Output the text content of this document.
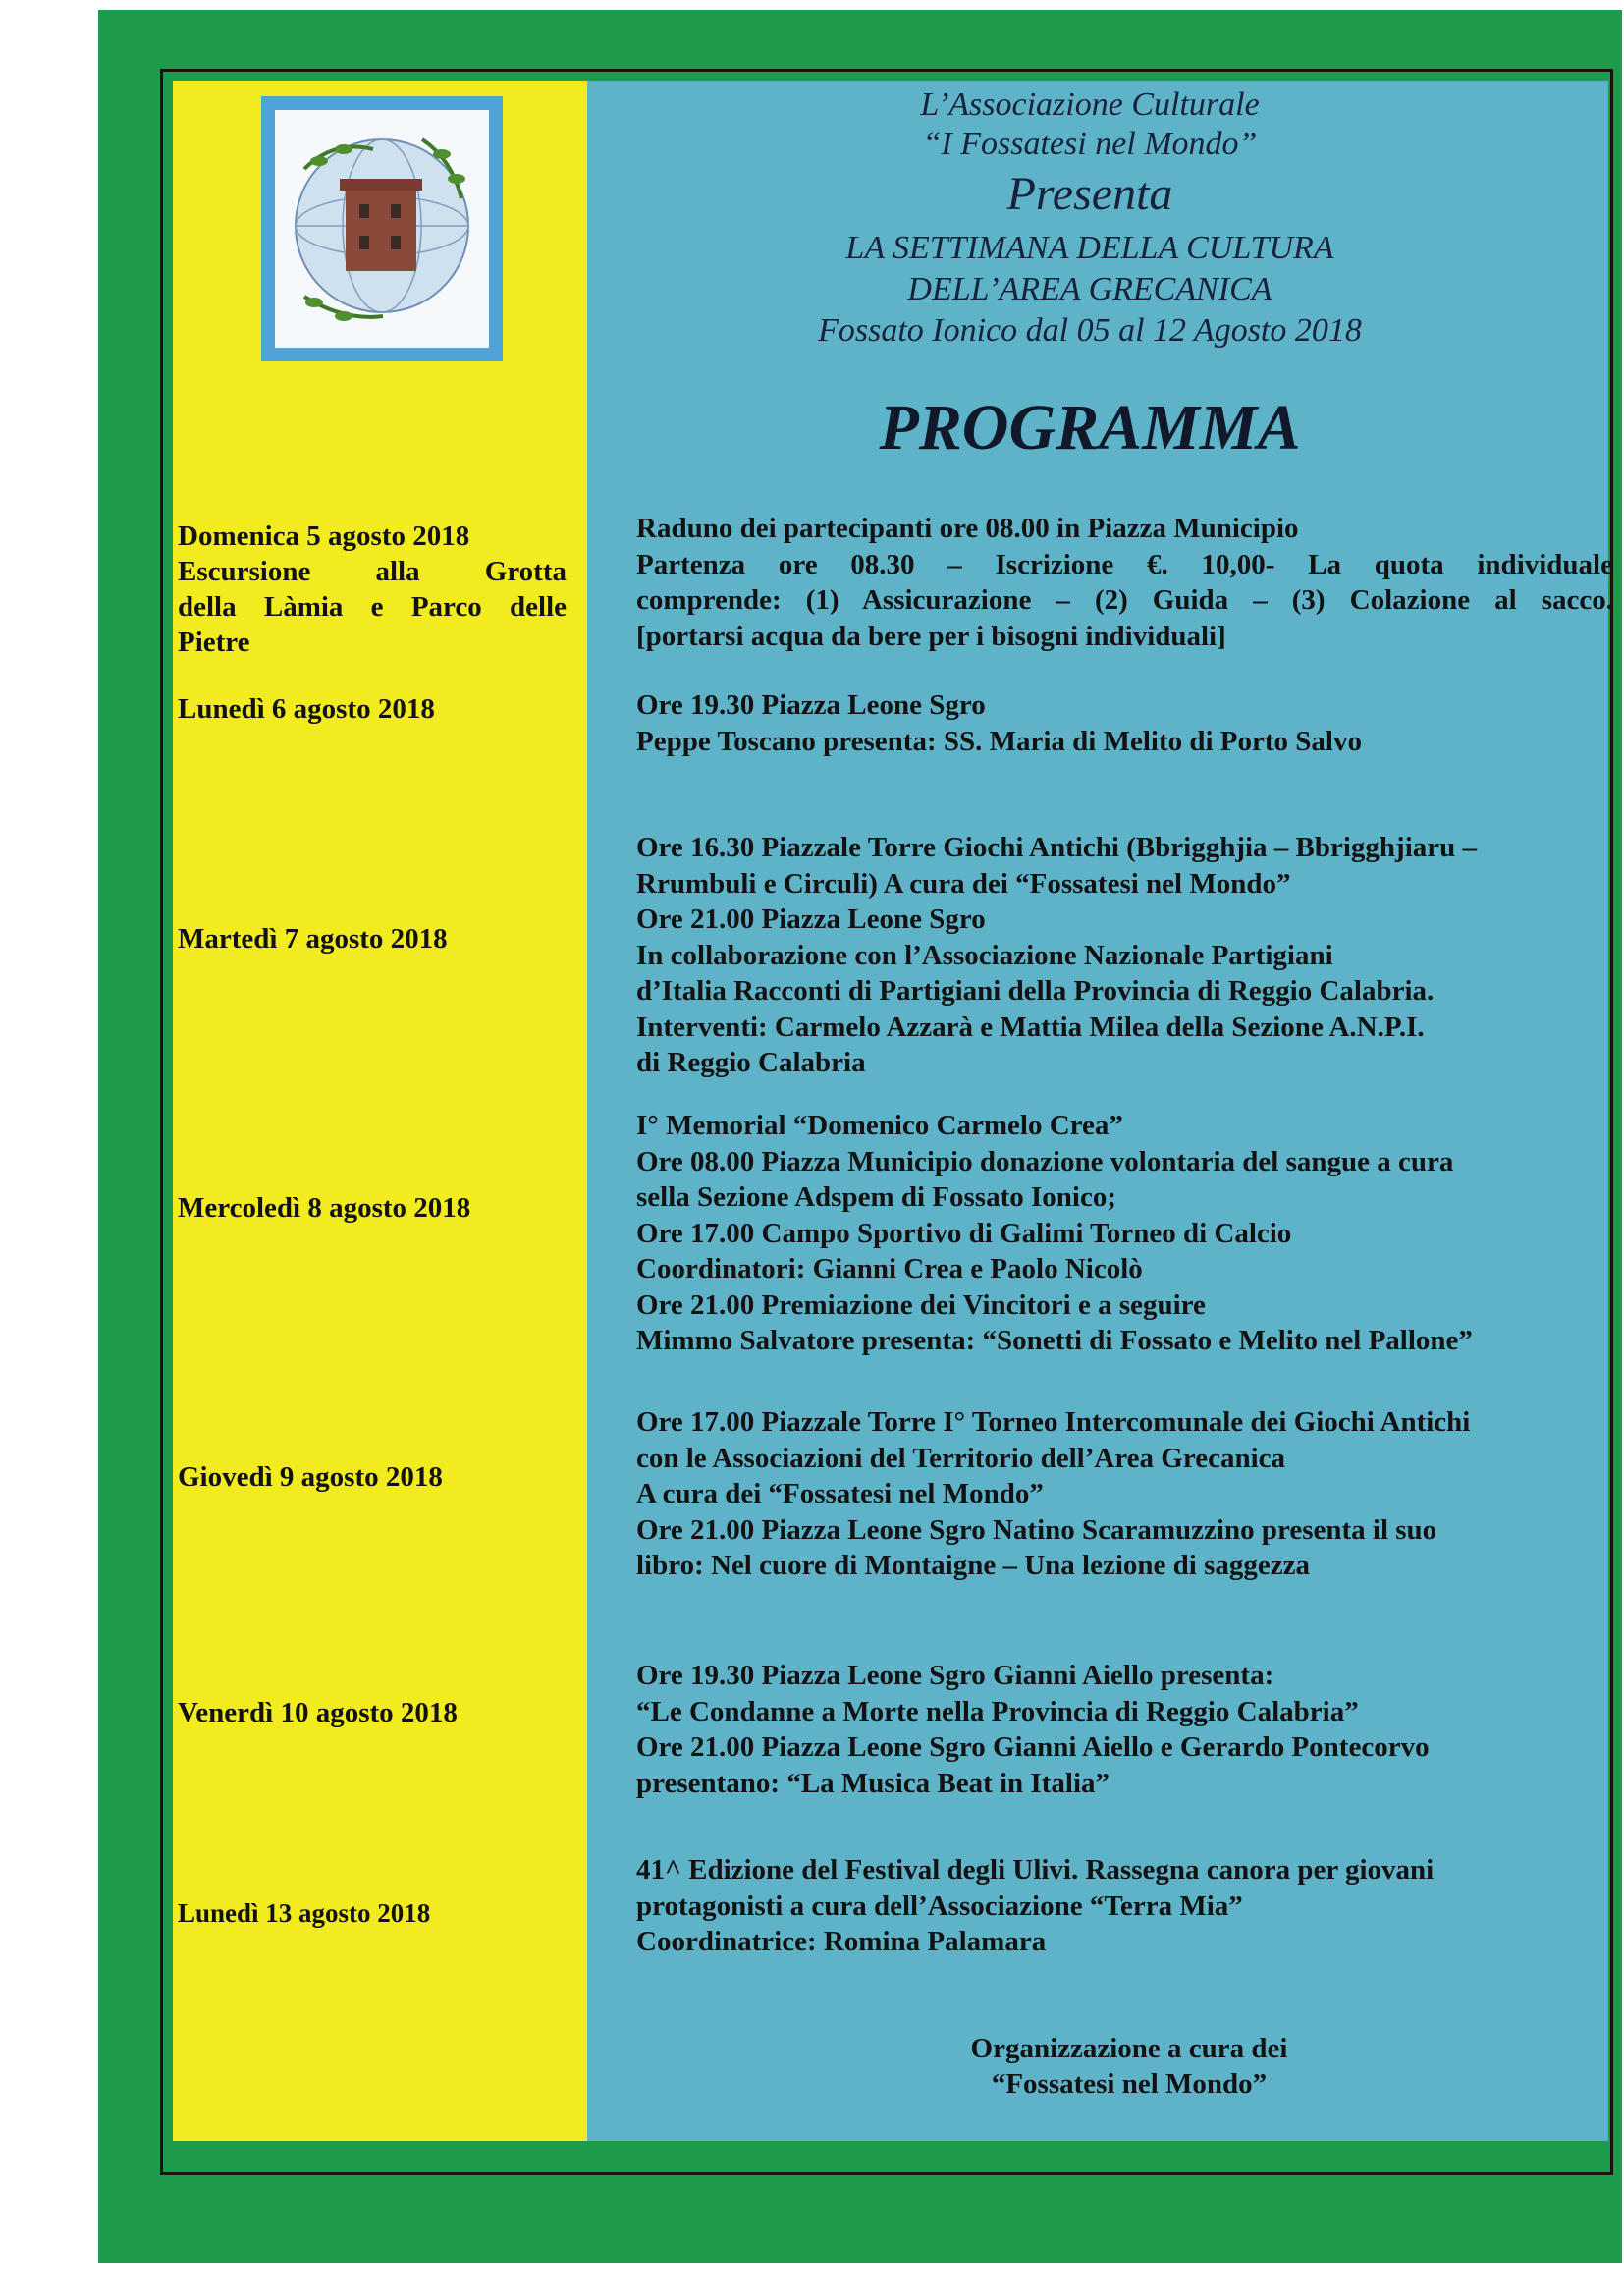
L’Associazione Culturale
“I Fossatesi nel Mondo”
Presenta
LA SETTIMANA DELLA CULTURA
DELL’AREA GRECANICA
Fossato Ionico dal 05 al 12 Agosto 2018
PROGRAMMA
Domenica 5 agosto 2018
Escursione alla Grotta
della Làmia e Parco delle
Pietre
Raduno dei partecipanti ore 08.00 in Piazza Municipio
Partenza ore 08.30 – Iscrizione €. 10,00- La quota individuale
comprende: (1) Assicurazione – (2) Guida – (3) Colazione al sacco.
[portarsi acqua da bere per i bisogni individuali]
Lunedì 6 agosto 2018	Ore 19.30 Piazza Leone Sgro
Peppe Toscano presenta: SS. Maria di Melito di Porto Salvo
Martedì 7 agosto 2018
Ore 16.30 Piazzale Torre Giochi Antichi (Bbrigghjia – Bbrigghjiaru –
Rrumbuli e Circuli) A cura dei “Fossatesi nel Mondo”
Ore 21.00 Piazza Leone Sgro
In collaborazione con l’Associazione Nazionale Partigiani
d’Italia Racconti di Partigiani della Provincia di Reggio Calabria.
Interventi: Carmelo Azzarà e Mattia Milea della Sezione A.N.P.I.
di Reggio Calabria
Mercoledì 8 agosto 2018
I° Memorial “Domenico Carmelo Crea”
Ore 08.00 Piazza Municipio donazione volontaria del sangue a cura
sella Sezione Adspem di Fossato Ionico;
Ore 17.00 Campo Sportivo di Galimi Torneo di Calcio
Coordinatori: Gianni Crea e Paolo Nicolò
Ore 21.00 Premiazione dei Vincitori e a seguire
Mimmo Salvatore presenta: “Sonetti di Fossato e Melito nel Pallone”
Giovedì 9 agosto 2018
Ore 17.00 Piazzale Torre I° Torneo Intercomunale dei Giochi Antichi
con le Associazioni del Territorio dell’Area Grecanica
A cura dei “Fossatesi nel Mondo”
Ore 21.00 Piazza Leone Sgro Natino Scaramuzzino presenta il suo
libro: Nel cuore di Montaigne – Una lezione di saggezza
Venerdì 10 agosto 2018
Ore 19.30 Piazza Leone Sgro Gianni Aiello presenta:
“Le Condanne a Morte nella Provincia di Reggio Calabria”
Ore 21.00 Piazza Leone Sgro Gianni Aiello e Gerardo Pontecorvo
presentano: “La Musica Beat in Italia”
Lunedì 13 agosto 2018
41^ Edizione del Festival degli Ulivi. Rassegna canora per giovani
protagonisti a cura dell’Associazione “Terra Mia”
Coordinatrice: Romina Palamara
Organizzazione a cura dei
“Fossatesi nel Mondo”
